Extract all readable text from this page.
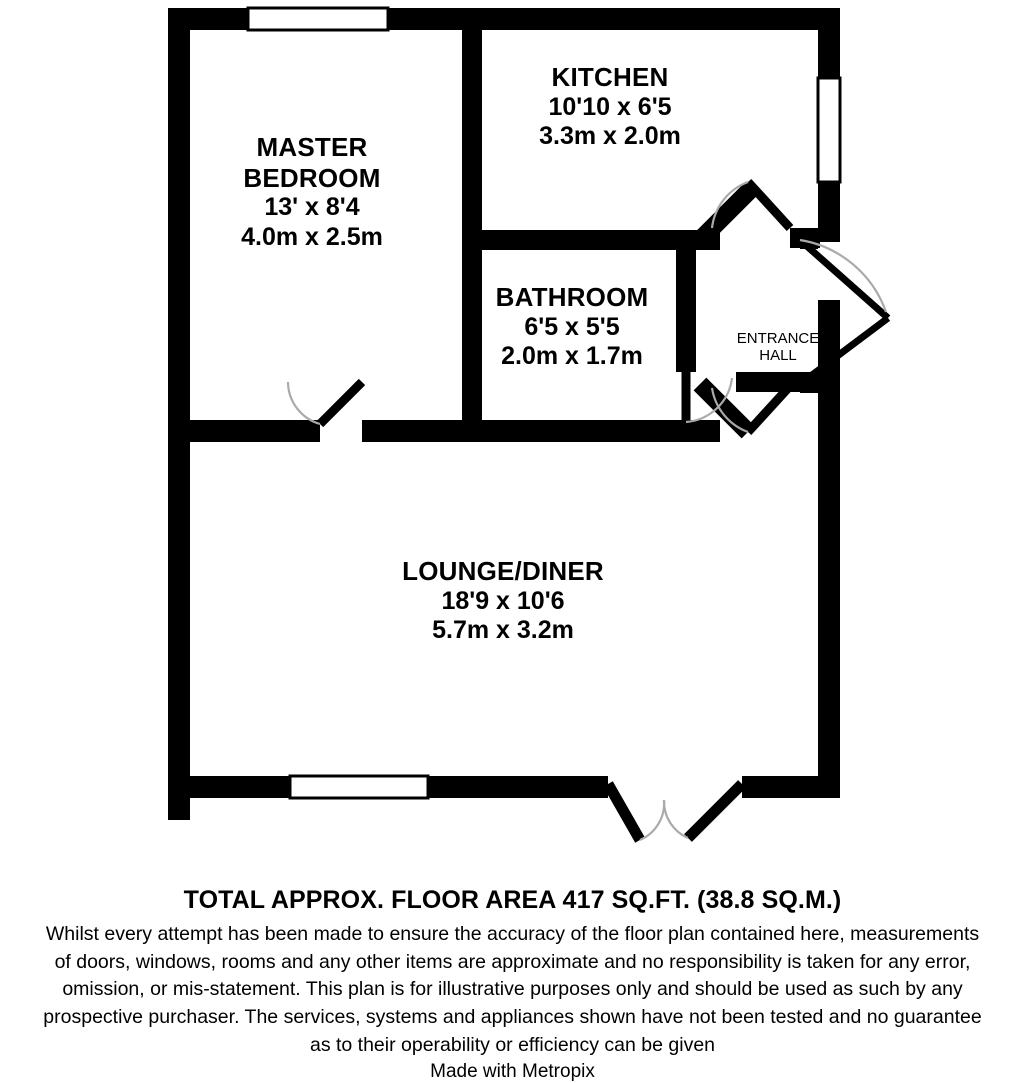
MASTER
BEDROOM
13' x 8'4
4.0m x 2.5m
KITCHEN
10'10 x 6'5
3.3m x 2.0m
BATHROOM
6'5 x 5'5
2.0m x 1.7m
LOUNGE/DINER
18'9 x 10'6
5.7m x 3.2m
ENTRANCE
HALL
TOTAL APPROX. FLOOR AREA 417 SQ.FT. (38.8 SQ.M.)
Whilst every attempt has been made to ensure the accuracy of the floor plan contained here, measurements
of doors, windows, rooms and any other items are approximate and no responsibility is taken for any error,
omission, or mis-statement. This plan is for illustrative purposes only and should be used as such by any
prospective purchaser. The services, systems and appliances shown have not been tested and no guarantee
as to their operability or efficiency can be given
Made with Metropix
